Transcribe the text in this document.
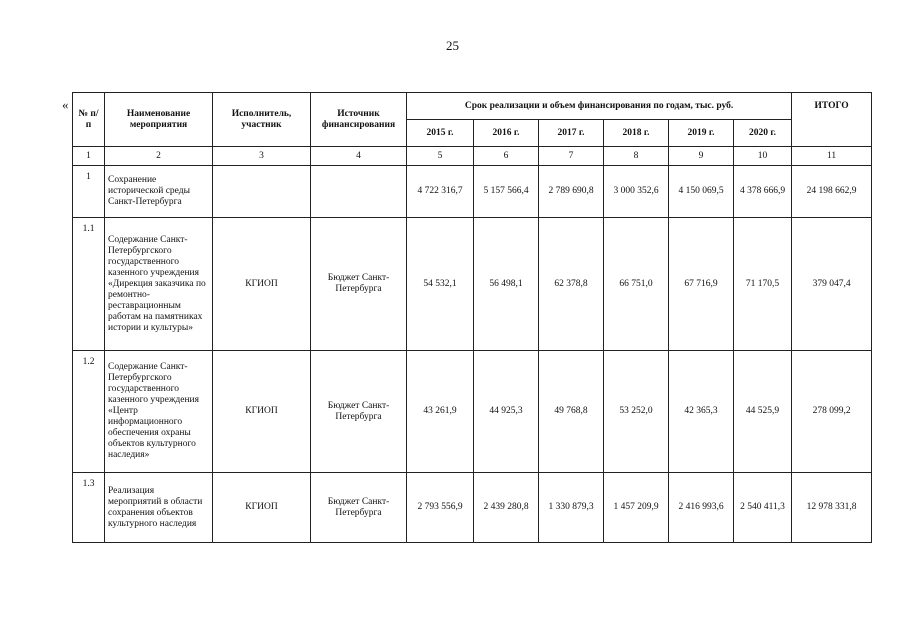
25
«
№ п/п	Наименование мероприятия	Исполнитель, участник	Источник финансирования	Срок реализации и объем финансирования по годам, тыс. руб.						ИТОГО
				2015 г.	2016 г.	2017 г.	2018 г.	2019 г.	2020 г.	
1	2	3	4	5	6	7	8	9	10	11
1	Сохранение исторической среды Санкт-Петербурга			4 722 316,7	5 157 566,4	2 789 690,8	3 000 352,6	4 150 069,5	4 378 666,9	24 198 662,9
1.1	Содержание Санкт-Петербургского государственного казенного учреждения «Дирекция заказчика по ремонтно-реставрационным работам на памятниках истории и культуры»	КГИОП	Бюджет Санкт-Петербурга	54 532,1	56 498,1	62 378,8	66 751,0	67 716,9	71 170,5	379 047,4
1.2	Содержание Санкт-Петербургского государственного казенного учреждения «Центр информационного обеспечения охраны объектов культурного наследия»	КГИОП	Бюджет Санкт-Петербурга	43 261,9	44 925,3	49 768,8	53 252,0	42 365,3	44 525,9	278 099,2
1.3	Реализация мероприятий в области сохранения объектов культурного наследия	КГИОП	Бюджет Санкт-Петербурга	2 793 556,9	2 439 280,8	1 330 879,3	1 457 209,9	2 416 993,6	2 540 411,3	12 978 331,8
